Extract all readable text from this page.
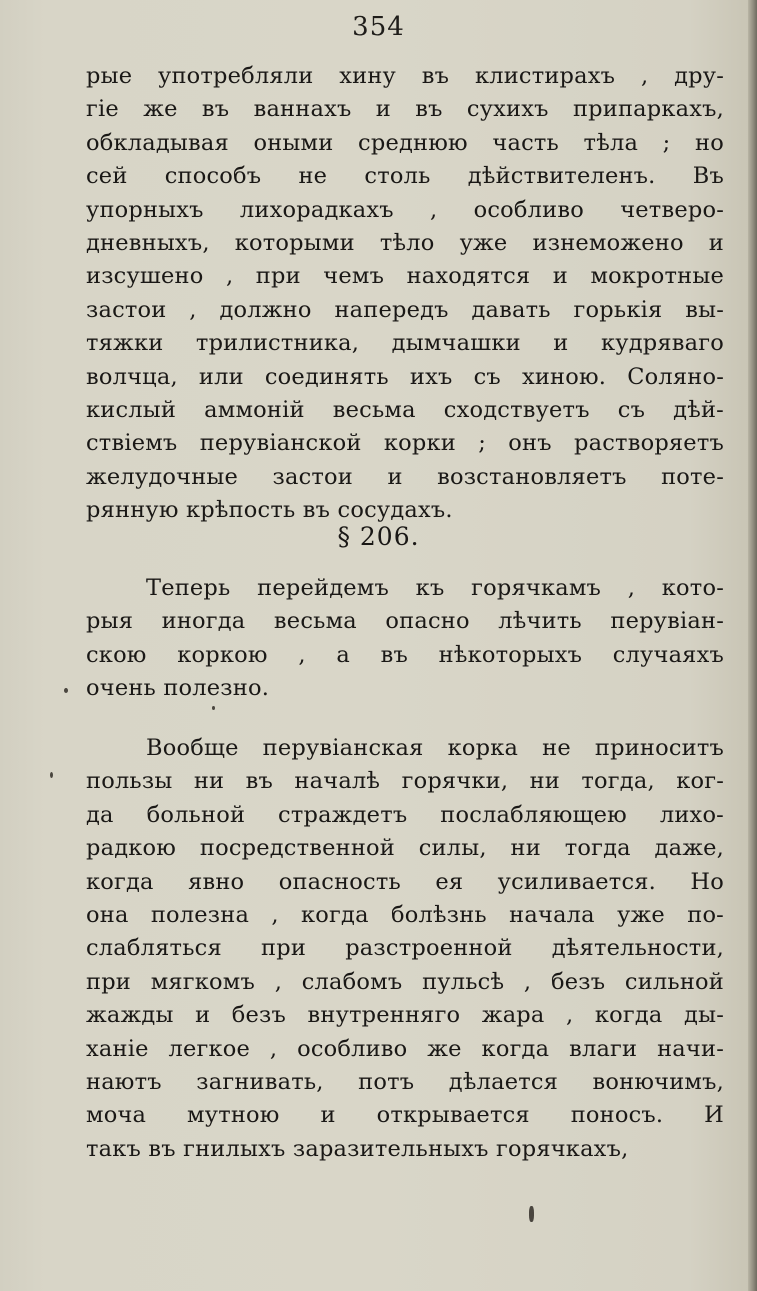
354
рые употребляли хину въ клистирахъ , дру-
гie же въ ваннахъ и въ сухихъ припаркахъ,
обкладывая оными среднюю часть тѣла ; но
сей способъ не столь дѣйствителенъ. Въ
упорныхъ лихорадкахъ , особливо четверо-
дневныхъ, которыми тѣло уже изнеможено и
изсушено , при чемъ находятся и мокротные
застои , должно напередъ давать горькiя вы-
тяжки трилистника, дымчашки и кудряваго
волчца, или соединять ихъ съ хиною. Соляно-
кислый аммонiй весьма сходствуетъ съ дѣй-
ствiемъ перувiанской корки ; онъ растворяетъ
желудочные застои и возстановляетъ поте-
рянную крѣпость въ сосудахъ.
§ 206.
Теперь перейдемъ къ горячкамъ , кото-
рыя иногда весьма опасно лѣчить перувiан-
скою коркою , а въ нѣкоторыхъ случаяхъ
очень полезно.
Вообще перувiанская корка не приноситъ
пользы ни въ началѣ горячки, ни тогда, ког-
да больной страждетъ послабляющею лихо-
радкою посредственной силы, ни тогда даже,
когда явно опасность ея усиливается. Но
она полезна , когда болѣзнь начала уже по-
слабляться при разстроенной дѣятельности,
при мягкомъ , слабомъ пульсѣ , безъ сильной
жажды и безъ внутренняго жара , когда ды-
ханiе легкое , особливо же когда влаги начи-
наютъ загнивать, потъ дѣлается вонючимъ,
моча мутною и открывается поносъ. И
такъ въ гнилыхъ заразительныхъ горячкахъ,
